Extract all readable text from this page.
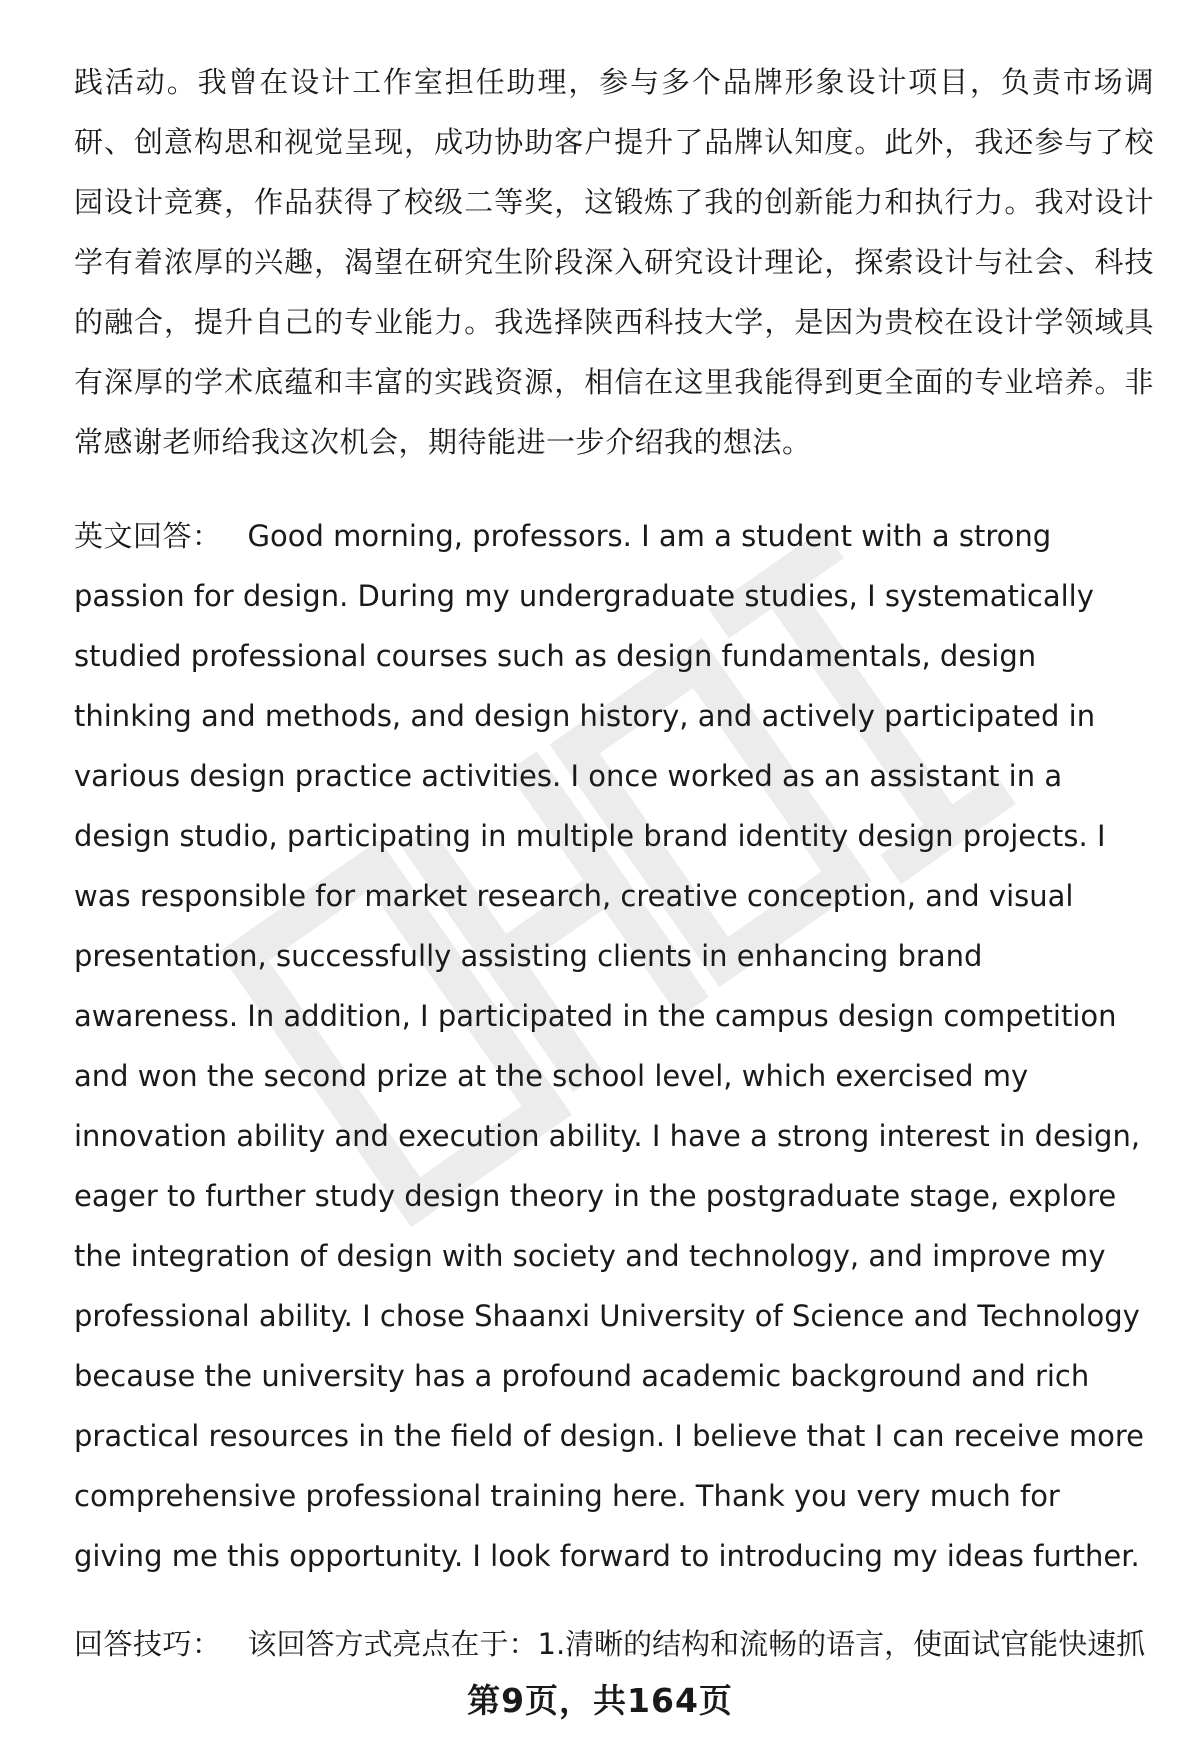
践活动。我曾在设计工作室担任助理，参与多个品牌形象设计项目，负责市场调研、创意构思和视觉呈现，成功协助客户提升了品牌认知度。此外，我还参与了校园设计竞赛，作品获得了校级二等奖，这锻炼了我的创新能力和执行力。我对设计学有着浓厚的兴趣，渴望在研究生阶段深入研究设计理论，探索设计与社会、科技的融合，提升自己的专业能力。我选择陕西科技大学，是因为贵校在设计学领域具有深厚的学术底蕴和丰富的实践资源，相信在这里我能得到更全面的专业培养。非常感谢老师给我这次机会，期待能进一步介绍我的想法。

英文回答： Good morning, professors. I am a student with a strong passion for design. During my undergraduate studies, I systematically studied professional courses such as design fundamentals, design thinking and methods, and design history, and actively participated in various design practice activities. I once worked as an assistant in a design studio, participating in multiple brand identity design projects. I was responsible for market research, creative conception, and visual presentation, successfully assisting clients in enhancing brand awareness. In addition, I participated in the campus design competition and won the second prize at the school level, which exercised my innovation ability and execution ability. I have a strong interest in design, eager to further study design theory in the postgraduate stage, explore the integration of design with society and technology, and improve my professional ability. I chose Shaanxi University of Science and Technology because the university has a profound academic background and rich practical resources in the field of design. I believe that I can receive more comprehensive professional training here. Thank you very much for giving me this opportunity. I look forward to introducing my ideas further.

回答技巧： 该回答方式亮点在于：1.清晰的结构和流畅的语言，使面试官能快速抓

第9页，共164页
